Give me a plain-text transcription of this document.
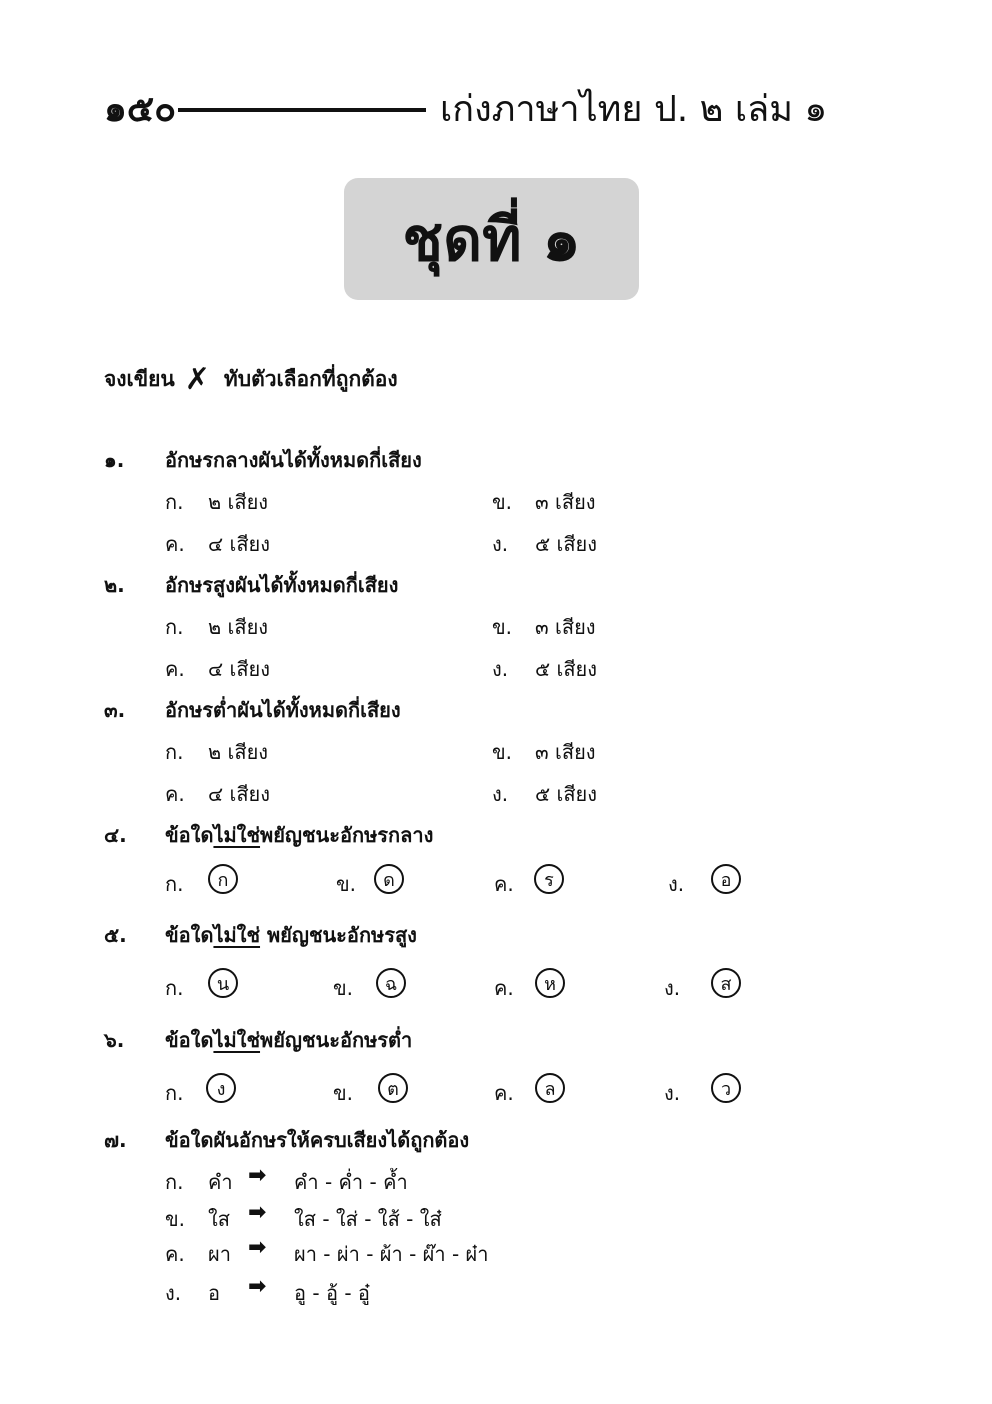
๑๕๐	เก่งภาษาไทย ป. ๒ เล่ม ๑
ชุดที่ ๑
จงเขียน ✗ ทับตัวเลือกที่ถูกต้อง
๑. อักษรกลางผันได้ทั้งหมดกี่เสียง
ก. ๒ เสียง	ข. ๓ เสียง
ค. ๔ เสียง	ง. ๕ เสียง
๒. อักษรสูงผันได้ทั้งหมดกี่เสียง
ก. ๒ เสียง	ข. ๓ เสียง
ค. ๔ เสียง	ง. ๕ เสียง
๓. อักษรต่ำผันได้ทั้งหมดกี่เสียง
ก. ๒ เสียง	ข. ๓ เสียง
ค. ๔ เสียง	ง. ๕ เสียง
๔. ข้อใดไม่ใช่พยัญชนะอักษรกลาง
ก.	ก	ข.	ด	ค.	ร	ง.	อ
๕. ข้อใดไม่ใช่ พยัญชนะอักษรสูง
ก.	น	ข.	ฉ	ค.	ห	ง.	ส
๖. ข้อใดไม่ใช่พยัญชนะอักษรต่ำ
ก.	ง	ข.	ต	ค.	ล	ง.	ว
๗. ข้อใดผันอักษรให้ครบเสียงได้ถูกต้อง
ก. คำ ➡ คำ - ค่ำ - ค้ำ
ข. ใส ➡ ใส - ใส่ - ใส้ - ใส๋
ค. ผา ➡ ผา - ผ่า - ผ้า - ผ๊า - ผ๋า
ง. อ ➡ อู - อู้ - อู๋
